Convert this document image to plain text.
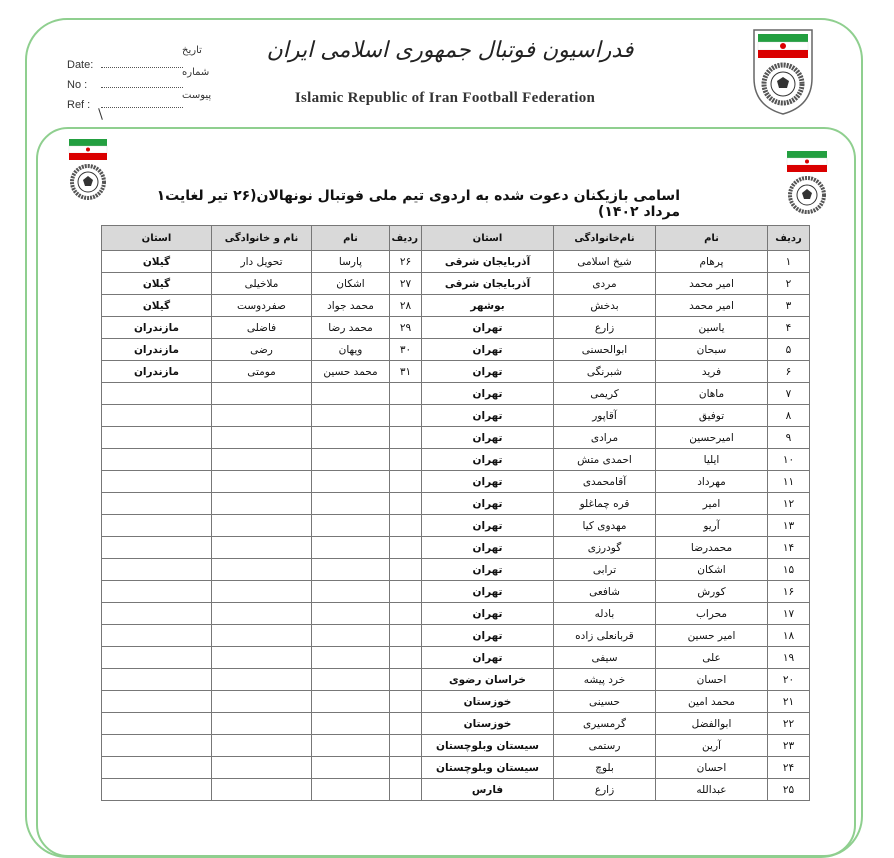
Date:
No :
Ref :
تاریخ
شماره
پیوست
فدراسیون فوتبال جمهوری اسلامی ایران
Islamic Republic of Iran Football Federation
اسامی بازیکنان دعوت شده به اردوی تیم ملی فوتبال نونهالان(۲۶ تیر لغایت۱ مرداد ۱۴۰۲)
ردیف	نام	نام‌خانوادگی	استان	ردیف	نام	نام و خانوادگی	استان
۱	پرهام	شیخ اسلامی	آذربایجان شرقی	۲۶	پارسا	تحویل دار	گیلان
۲	امیر محمد	مردی	آذربایجان شرقی	۲۷	اشکان	ملاخیلی	گیلان
۳	امیر محمد	بدخش	بوشهر	۲۸	محمد جواد	صفردوست	گیلان
۴	یاسین	زارع	تهران	۲۹	محمد رضا	فاضلی	مازندران
۵	سبحان	ابوالحسنی	تهران	۳۰	ویهان	رضی	مازندران
۶	فرید	شبرنگی	تهران	۳۱	محمد حسین	مومتی	مازندران
۷	ماهان	کریمی	تهران				
۸	توفیق	آقاپور	تهران				
۹	امیرحسین	مرادی	تهران				
۱۰	ایلیا	احمدی متش	تهران				
۱۱	مهرداد	آقامحمدی	تهران				
۱۲	امیر	قره چماغلو	تهران				
۱۳	آریو	مهدوی کیا	تهران				
۱۴	محمدرضا	گودرزی	تهران				
۱۵	اشکان	ترابی	تهران				
۱۶	کورش	شافعی	تهران				
۱۷	محراب	بادله	تهران				
۱۸	امیر حسین	قربانعلی زاده	تهران				
۱۹	علی	سیفی	تهران				
۲۰	احسان	خرد پیشه	خراسان رضوی				
۲۱	محمد امین	حسینی	خوزستان				
۲۲	ابوالفضل	گرمسیری	خوزستان				
۲۳	آرین	رستمی	سیستان وبلوچستان				
۲۴	احسان	بلوچ	سیستان وبلوچستان				
۲۵	عبدالله	زارع	فارس				
